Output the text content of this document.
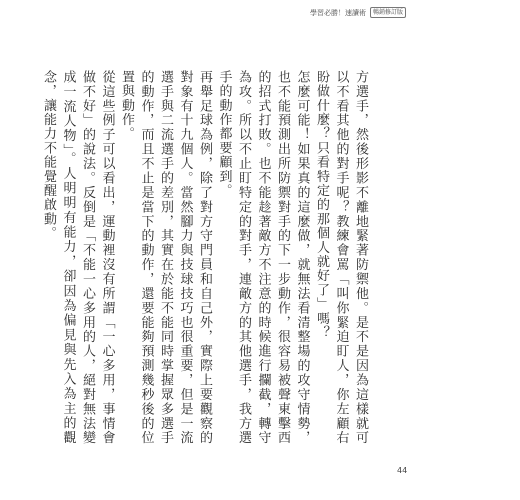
學習必勝！速讀術	暢銷修訂版

方選手，然後形影不離地緊著防禦他。是不是因為這樣就可以不看其他的對手呢？教練會罵「叫你緊迫盯人，你左顧右盼做什麼？只看特定的那個人就好了」嗎？

怎麼可能！如果真的這麼做，就無法看清整場的攻守情勢，也不能預測出所防禦對手的下一步動作，很容易被聲東擊西的招式打敗。也不能趁著敵方不注意的時候進行攔截，轉守為攻。所以不止盯特定的對手，連敵方的其他選手，我方選手的動作都要顧到。

再舉足球為例，除了對方守門員和自己外，實際上要觀察的對象有十九個人。當然腳力與技球技巧也很重要，但是一流選手與二流選手的差別，其實在於能不能同時掌握眾多選手的動作，而且不止是當下的動作，還要能夠預測幾秒後的位置與動作。

從這些例子可以看出，運動裡沒有所謂「一心多用，事情會做不好」的說法。反倒是「不能一心多用的人，絕對無法變成一流人物」。人明明有能力，卻因為偏見與先入為主的觀念，讓能力不能覺醒啟動。

44
